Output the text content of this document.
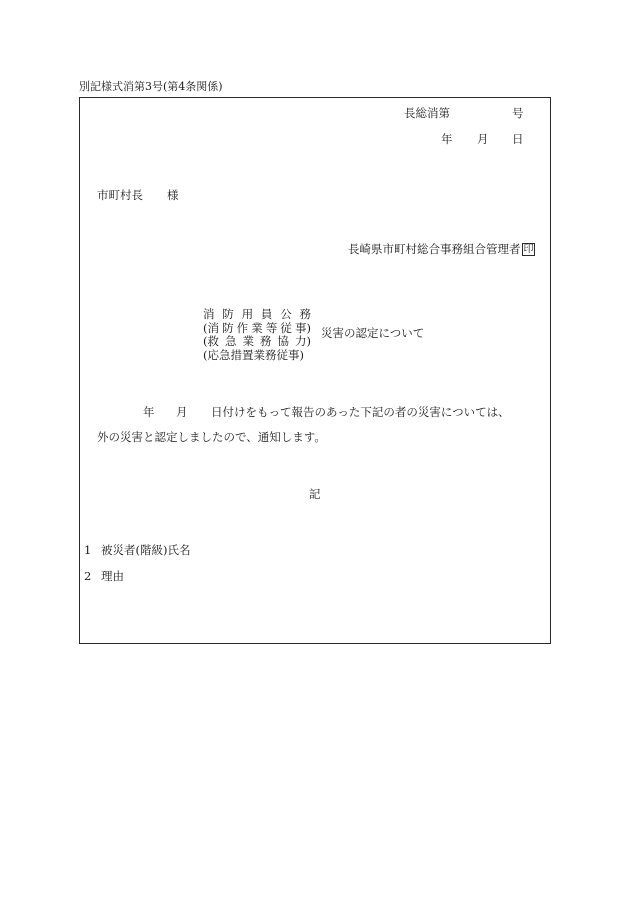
別記様式消第3号(第4条関係)
長総消第	号
年 月 日
市町村長 様
長崎県市町村総合事務組合管理者 印
消 防 用 員 公 務
(消 防 作 業 等 従 事)
(救 急 業 務 協 力)
(応急措置業務従事)
災害の認定について
年 月 日付けをもって報告のあった下記の者の災害については、
外の災害と認定しましたので、通知します。
記
1 被災者(階級)氏名
2 理由
